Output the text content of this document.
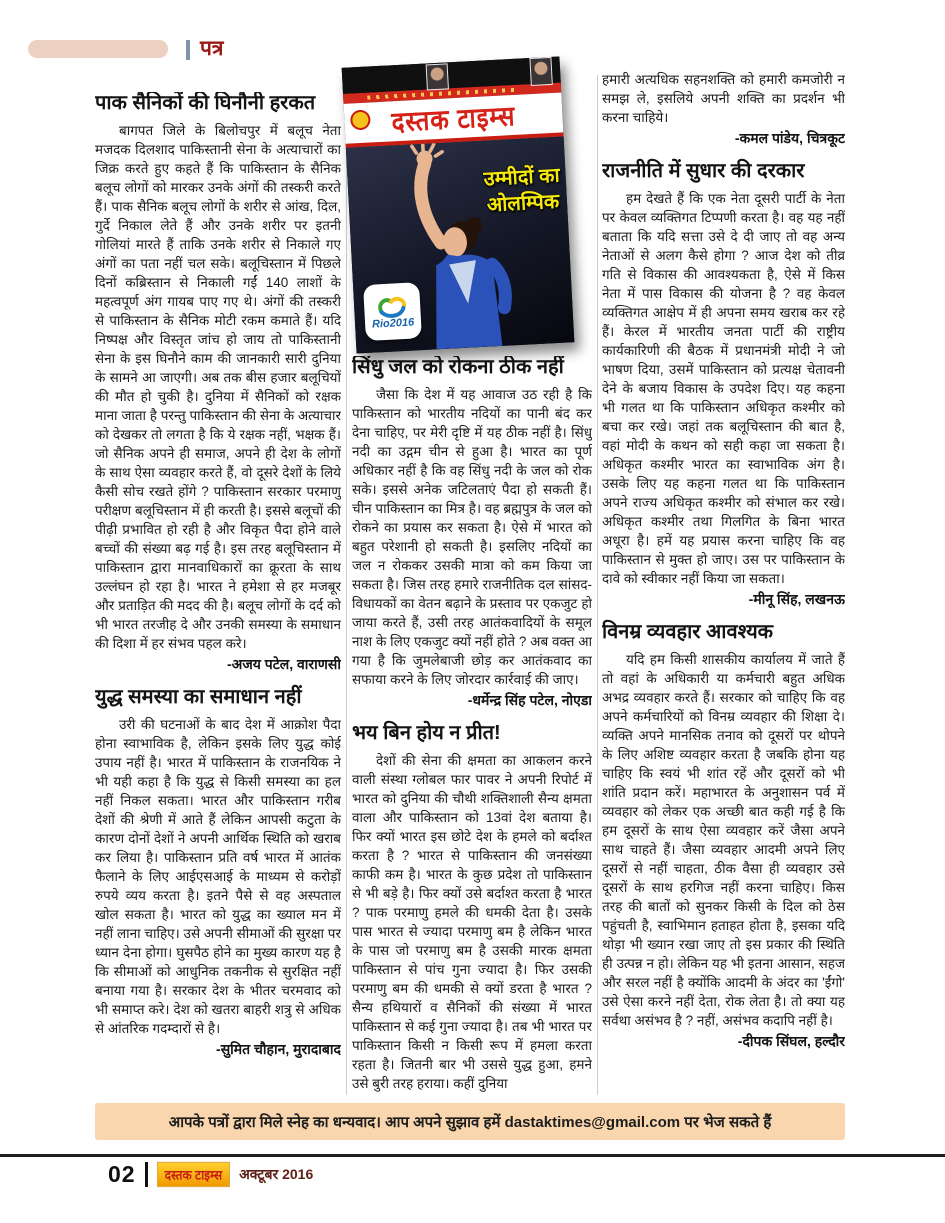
पत्र
पाक सैनिकों की घिनौनी हरकत

बागपत जिले के बिलोचपुर में बलूच नेता मजदक दिलशाद पाकिस्तानी सेना के अत्याचारों का जिक्र करते हुए कहते हैं कि पाकिस्तान के सैनिक बलूच लोगों को मारकर उनके अंगों की तस्करी करते हैं। पाक सैनिक बलूच लोगों के शरीर से आंख, दिल, गुर्दे निकाल लेते हैं और उनके शरीर पर इतनी गोलियां मारते हैं ताकि उनके शरीर से निकाले गए अंगों का पता नहीं चल सके। बलूचिस्तान में पिछले दिनों कब्रिस्तान से निकाली गईं 140 लाशों के महत्वपूर्ण अंग गायब पाए गए थे। अंगों की तस्करी से पाकिस्तान के सैनिक मोटी रकम कमाते हैं। यदि निष्पक्ष और विस्तृत जांच हो जाय तो पाकिस्तानी सेना के इस घिनौने काम की जानकारी सारी दुनिया के सामने आ जाएगी। अब तक बीस हजार बलूचियों की मौत हो चुकी है। दुनिया में सैनिकों को रक्षक माना जाता है परन्तु पाकिस्तान की सेना के अत्याचार को देखकर तो लगता है कि ये रक्षक नहीं, भक्षक हैं। जो सैनिक अपने ही समाज, अपने ही देश के लोगों के साथ ऐसा व्यवहार करते हैं, वो दूसरे देशों के लिये कैसी सोच रखते होंगे ? पाकिस्तान सरकार परमाणु परीक्षण बलूचिस्तान में ही करती है। इससे बलूचों की पीढ़ी प्रभावित हो रही है और विकृत पैदा होने वाले बच्चों की संख्या बढ़ गई है। इस तरह बलूचिस्तान में पाकिस्तान द्वारा मानवाधिकारों का क्रूरता के साथ उल्लंघन हो रहा है। भारत ने हमेशा से हर मजबूर और प्रताड़ित की मदद की है। बलूच लोगों के दर्द को भी भारत तरजीह दे और उनकी समस्या के समाधान की दिशा में हर संभव पहल करे।

-अजय पटेल, वाराणसी

युद्ध समस्या का समाधान नहीं

उरी की घटनाओं के बाद देश में आक्रोश पैदा होना स्वाभाविक है, लेकिन इसके लिए युद्ध कोई उपाय नहीं है। भारत में पाकिस्तान के राजनयिक ने भी यही कहा है कि युद्ध से किसी समस्या का हल नहीं निकल सकता। भारत और पाकिस्तान गरीब देशों की श्रेणी में आते हैं लेकिन आपसी कटुता के कारण दोनों देशों ने अपनी आर्थिक स्थिति को खराब कर लिया है। पाकिस्तान प्रति वर्ष भारत में आतंक फैलाने के लिए आईएसआई के माध्यम से करोड़ों रुपये व्यय करता है। इतने पैसे से वह अस्पताल खोल सकता है। भारत को युद्ध का ख्याल मन में नहीं लाना चाहिए। उसे अपनी सीमाओं की सुरक्षा पर ध्यान देना होगा। घुसपैठ होने का मुख्य कारण यह है कि सीमाओं को आधुनिक तकनीक से सुरक्षित नहीं बनाया गया है। सरकार देश के भीतर चरमवाद को भी समाप्त करे। देश को खतरा बाहरी शत्रु से अधिक से आंतरिक गदम्दारों से है।

-सुमित चौहान, मुरादाबाद

दस्तक टाइम्स
उम्मीदों का
ओलम्पिक
Rio2016
सिंधु जल को रोकना ठीक नहीं

जैसा कि देश में यह आवाज उठ रही है कि पाकिस्तान को भारतीय नदियों का पानी बंद कर देना चाहिए, पर मेरी दृष्टि में यह ठीक नहीं है। सिंधु नदी का उद्गम चीन से हुआ है। भारत का पूर्ण अधिकार नहीं है कि वह सिंधु नदी के जल को रोक सके। इससे अनेक जटिलताएं पैदा हो सकती हैं। चीन पाकिस्तान का मित्र है। वह ब्रह्मपुत्र के जल को रोकने का प्रयास कर सकता है। ऐसे में भारत को बहुत परेशानी हो सकती है। इसलिए नदियों का जल न रोककर उसकी मात्रा को कम किया जा सकता है। जिस तरह हमारे राजनीतिक दल सांसद-विधायकों का वेतन बढ़ाने के प्रस्ताव पर एकजुट हो जाया करते हैं, उसी तरह आतंकवादियों के समूल नाश के लिए एकजुट क्यों नहीं होते ? अब वक्त आ गया है कि जुमलेबाजी छोड़ कर आतंकवाद का सफाया करने के लिए जोरदार कार्रवाई की जाए।

-धर्मेन्द्र सिंह पटेल, नोएडा

भय बिन होय न प्रीत!

देशों की सेना की क्षमता का आकलन करने वाली संस्था ग्लोबल फार पावर ने अपनी रिपोर्ट में भारत को दुनिया की चौथी शक्तिशाली सैन्य क्षमता वाला और पाकिस्तान को 13वां देश बताया है। फिर क्यों भारत इस छोटे देश के हमले को बर्दाश्त करता है ? भारत से पाकिस्तान की जनसंख्या काफी कम है। भारत के कुछ प्रदेश तो पाकिस्तान से भी बड़े है। फिर क्यों उसे बर्दाश्त करता है भारत ? पाक परमाणु हमले की धमकी देता है। उसके पास भारत से ज्यादा परमाणु बम है लेकिन भारत के पास जो परमाणु बम है उसकी मारक क्षमता पाकिस्तान से पांच गुना ज्यादा है। फिर उसकी परमाणु बम की धमकी से क्यों डरता है भारत ? सैन्य हथियारों व सैनिकों की संख्या में भारत पाकिस्तान से कई गुना ज्यादा है। तब भी भारत पर पाकिस्तान किसी न किसी रूप में हमला करता रहता है। जितनी बार भी उससे युद्ध हुआ, हमने उसे बुरी तरह हराया। कहीं दुनिया

हमारी अत्यधिक सहनशक्ति को हमारी कमजोरी न समझ ले, इसलिये अपनी शक्ति का प्रदर्शन भी करना चाहिये।

-कमल पांडेय, चित्रकूट

राजनीति में सुधार की दरकार

हम देखते हैं कि एक नेता दूसरी पार्टी के नेता पर केवल व्यक्तिगत टिप्पणी करता है। वह यह नहीं बताता कि यदि सत्ता उसे दे दी जाए तो वह अन्य नेताओं से अलग कैसे होगा ? आज देश को तीव्र गति से विकास की आवश्यकता है, ऐसे में किस नेता में पास विकास की योजना है ? वह केवल व्यक्तिगत आक्षेप में ही अपना समय खराब कर रहे हैं। केरल में भारतीय जनता पार्टी की राष्ट्रीय कार्यकारिणी की बैठक में प्रधानमंत्री मोदी ने जो भाषण दिया, उसमें पाकिस्तान को प्रत्यक्ष चेतावनी देने के बजाय विकास के उपदेश दिए। यह कहना भी गलत था कि पाकिस्तान अधिकृत कश्मीर को बचा कर रखे। जहां तक बलूचिस्तान की बात है, वहां मोदी के कथन को सही कहा जा सकता है। अधिकृत कश्मीर भारत का स्वाभाविक अंग है। उसके लिए यह कहना गलत था कि पाकिस्तान अपने राज्य अधिकृत कश्मीर को संभाल कर रखे। अधिकृत कश्मीर तथा गिलगित के बिना भारत अधूरा है। हमें यह प्रयास करना चाहिए कि वह पाकिस्तान से मुक्त हो जाए। उस पर पाकिस्तान के दावे को स्वीकार नहीं किया जा सकता।

-मीनू सिंह, लखनऊ

विनम्र व्यवहार आवश्यक

यदि हम किसी शासकीय कार्यालय में जाते हैं तो वहां के अधिकारी या कर्मचारी बहुत अधिक अभद्र व्यवहार करते हैं। सरकार को चाहिए कि वह अपने कर्मचारियों को विनम्र व्यवहार की शिक्षा दे। व्यक्ति अपने मानसिक तनाव को दूसरों पर थोपने के लिए अशिष्ट व्यवहार करता है जबकि होना यह चाहिए कि स्वयं भी शांत रहें और दूसरों को भी शांति प्रदान करें। महाभारत के अनुशासन पर्व में व्यवहार को लेकर एक अच्छी बात कही गई है कि हम दूसरों के साथ ऐसा व्यवहार करें जैसा अपने साथ चाहते हैं। जैसा व्यवहार आदमी अपने लिए दूसरों से नहीं चाहता, ठीक वैसा ही व्यवहार उसे दूसरों के साथ हरगिज नहीं करना चाहिए। किस तरह की बातों को सुनकर किसी के दिल को ठेस पहुंचती है, स्वाभिमान हताहत होता है, इसका यदि थोड़ा भी ख्यान रखा जाए तो इस प्रकार की स्थिति ही उत्पन्न न हो। लेकिन यह भी इतना आसान, सहज और सरल नहीं है क्योंकि आदमी के अंदर का 'ईंगो' उसे ऐसा करने नहीं देता, रोक लेता है। तो क्या यह सर्वथा असंभव है ? नहीं, असंभव कदापि नहीं है।

-दीपक सिंघल, हल्दौर

आपके पत्रों द्वारा मिले स्नेह का धन्यवाद। आप अपने सुझाव हमें dastaktimes@gmail.com पर भेज सकते हैं
02	दस्तक टाइम्स	अक्टूबर 2016
